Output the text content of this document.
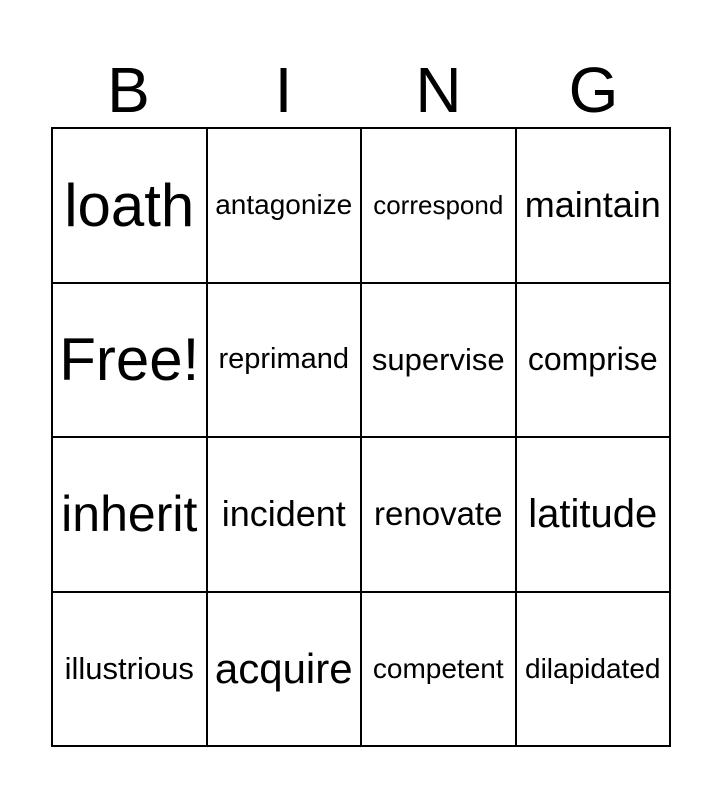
B	I	N	G
loath antagonize correspond maintain
Free! reprimand supervise comprise
inherit incident renovate latitude
illustrious acquire competent dilapidated
